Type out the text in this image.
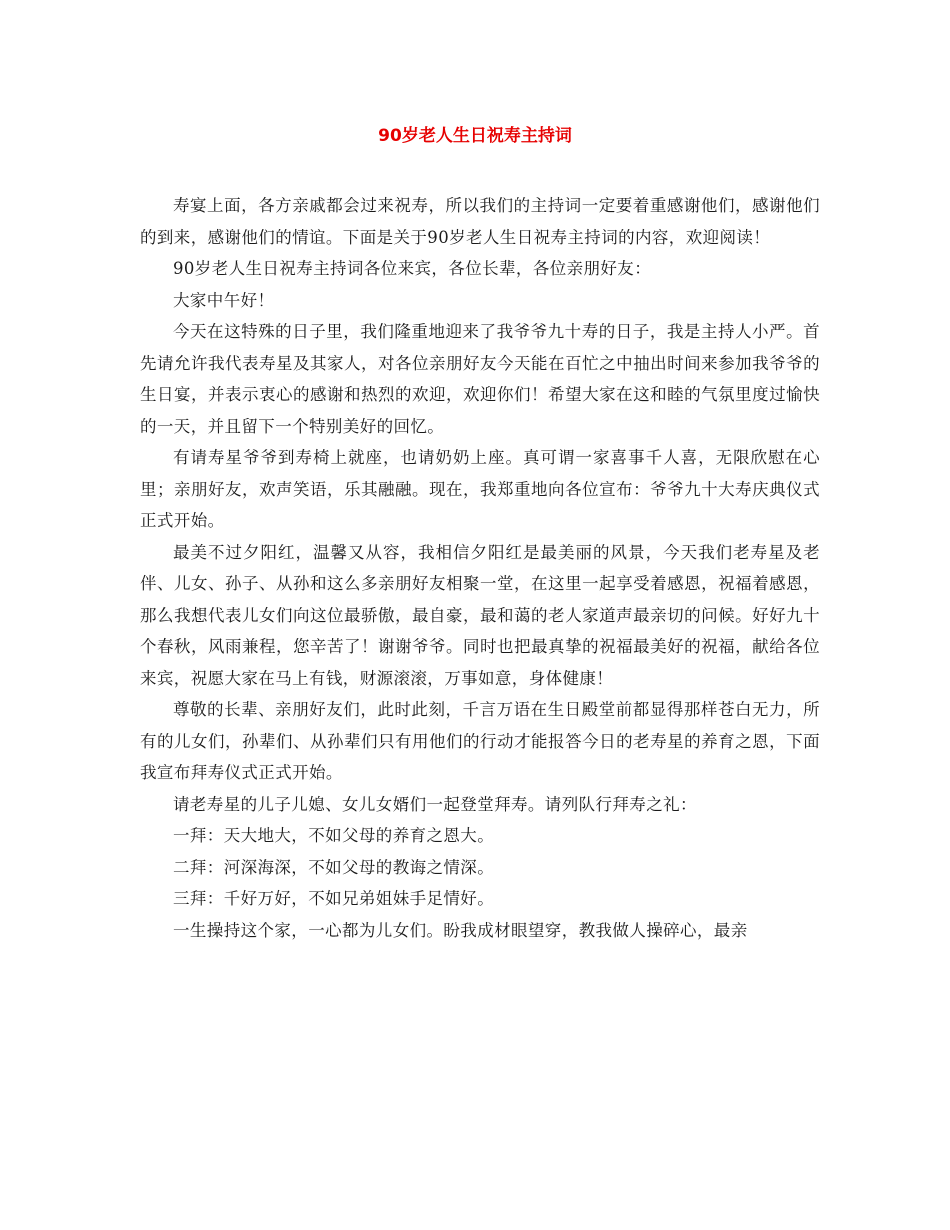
90岁老人生日祝寿主持词

寿宴上面，各方亲戚都会过来祝寿，所以我们的主持词一定要着重感谢他们，感谢他们的到来，感谢他们的情谊。下面是关于90岁老人生日祝寿主持词的内容，欢迎阅读！

90岁老人生日祝寿主持词各位来宾，各位长辈，各位亲朋好友：

大家中午好！

今天在这特殊的日子里，我们隆重地迎来了我爷爷九十寿的日子，我是主持人小严。首先请允许我代表寿星及其家人，对各位亲朋好友今天能在百忙之中抽出时间来参加我爷爷的生日宴，并表示衷心的感谢和热烈的欢迎，欢迎你们！希望大家在这和睦的气氛里度过愉快的一天，并且留下一个特别美好的回忆。

有请寿星爷爷到寿椅上就座，也请奶奶上座。真可谓一家喜事千人喜，无限欣慰在心里；亲朋好友，欢声笑语，乐其融融。现在，我郑重地向各位宣布：爷爷九十大寿庆典仪式正式开始。

最美不过夕阳红，温馨又从容，我相信夕阳红是最美丽的风景，今天我们老寿星及老伴、儿女、孙子、从孙和这么多亲朋好友相聚一堂，在这里一起享受着感恩，祝福着感恩，那么我想代表儿女们向这位最骄傲，最自豪，最和蔼的老人家道声最亲切的问候。好好九十个春秋，风雨兼程，您辛苦了！谢谢爷爷。同时也把最真挚的祝福最美好的祝福，献给各位来宾，祝愿大家在马上有钱，财源滚滚，万事如意，身体健康！

尊敬的长辈、亲朋好友们，此时此刻，千言万语在生日殿堂前都显得那样苍白无力，所有的儿女们，孙辈们、从孙辈们只有用他们的行动才能报答今日的老寿星的养育之恩，下面我宣布拜寿仪式正式开始。

请老寿星的儿子儿媳、女儿女婿们一起登堂拜寿。请列队行拜寿之礼：

一拜：天大地大，不如父母的养育之恩大。

二拜：河深海深，不如父母的教诲之情深。

三拜：千好万好，不如兄弟姐妹手足情好。

一生操持这个家，一心都为儿女们。盼我成材眼望穿，教我做人操碎心，最亲
